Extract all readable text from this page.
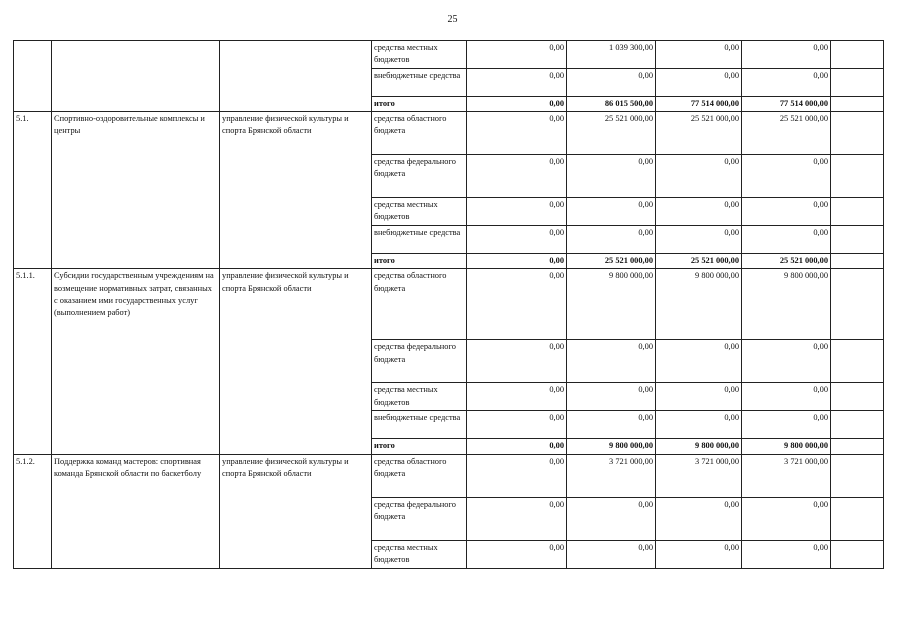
25
			средства местных бюджетов	0,00	1 039 300,00	0,00	0,00	
			внебюджетные средства	0,00	0,00	0,00	0,00	
			итого	0,00	86 015 500,00	77 514 000,00	77 514 000,00	
5.1.	Спортивно-оздоровительные комплексы и центры	управление физической культуры и спорта Брянской области	средства областного бюджета	0,00	25 521 000,00	25 521 000,00	25 521 000,00	
			средства федерального бюджета	0,00	0,00	0,00	0,00	
			средства местных бюджетов	0,00	0,00	0,00	0,00	
			внебюджетные средства	0,00	0,00	0,00	0,00	
			итого	0,00	25 521 000,00	25 521 000,00	25 521 000,00	
5.1.1.	Субсидии государственным учреждениям на возмещение нормативных затрат, связанных с оказанием ими государственных услуг (выполнением работ)	управление физической культуры и спорта Брянской области	средства областного бюджета	0,00	9 800 000,00	9 800 000,00	9 800 000,00	
			средства федерального бюджета	0,00	0,00	0,00	0,00	
			средства местных бюджетов	0,00	0,00	0,00	0,00	
			внебюджетные средства	0,00	0,00	0,00	0,00	
			итого	0,00	9 800 000,00	9 800 000,00	9 800 000,00	
5.1.2.	Поддержка команд мастеров: спортивная команда Брянской области по баскетболу	управление физической культуры и спорта Брянской области	средства областного бюджета	0,00	3 721 000,00	3 721 000,00	3 721 000,00	
			средства федерального бюджета	0,00	0,00	0,00	0,00	
			средства местных бюджетов	0,00	0,00	0,00	0,00	
